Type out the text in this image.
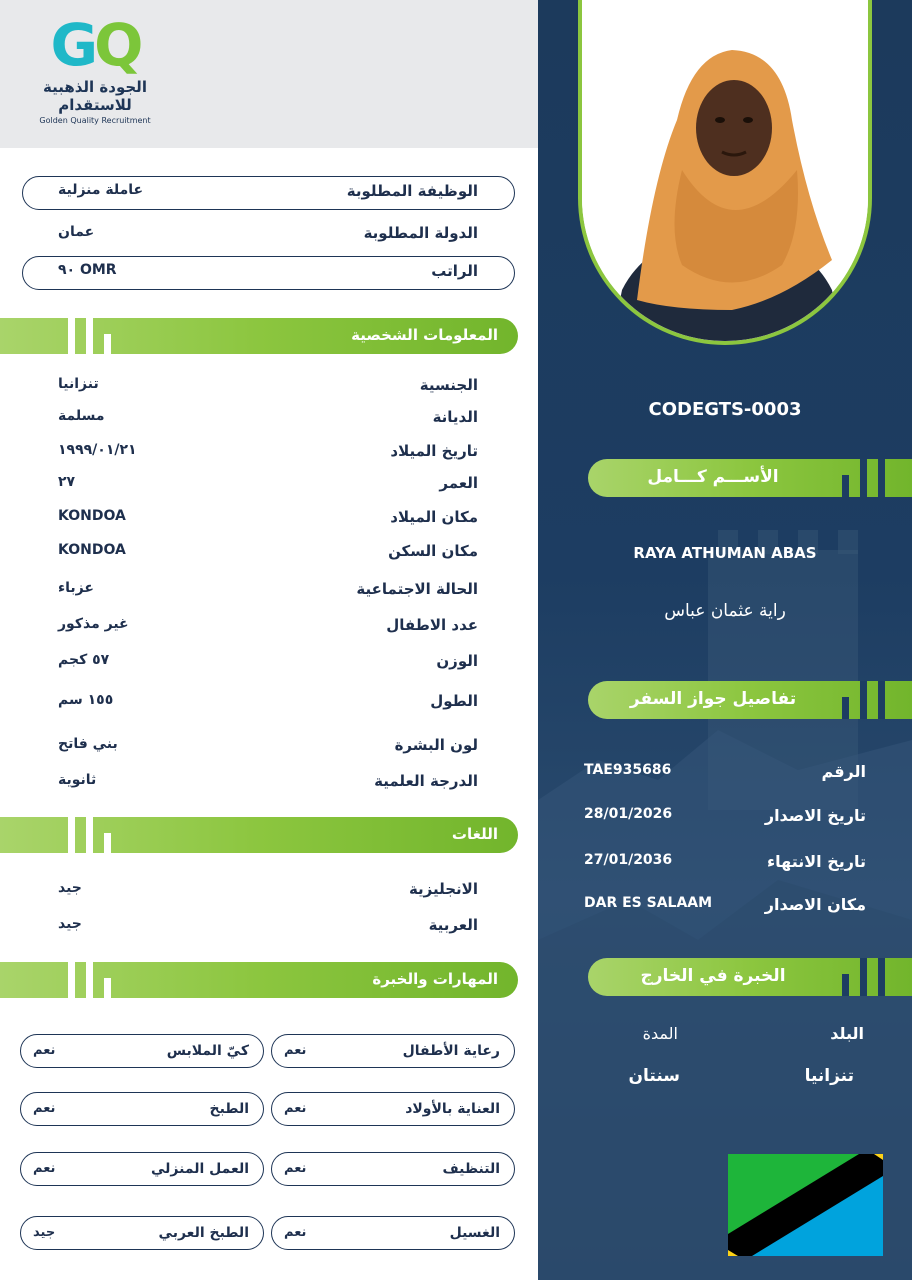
GQ
الجودة الذهبية للاستقدام
Golden Quality Recruitment
الوظيفة المطلوبة
عاملة منزلية
الدولة المطلوبة
عمان
الراتب
OMR ٩٠
المعلومات الشخصية
الجنسية
تنزانيا
الديانة
مسلمة
تاريخ الميلاد
١٩٩٩/٠١/٢١
العمر
٢٧
مكان الميلاد
KONDOA
مكان السكن
KONDOA
الحالة الاجتماعية
عزباء
عدد الاطفال
غير مذكور
الوزن
٥٧ كجم
الطول
١٥٥ سم
لون البشرة
بني فاتح
الدرجة العلمية
ثانوية
اللغات
الانجليزية
جيد
العربية
جيد
المهارات والخبرة
رعاية الأطفال
نعم
كيّ الملابس
نعم
العناية بالأولاد
نعم
الطبخ
نعم
التنظيف
نعم
العمل المنزلي
نعم
الغسيل
نعم
الطبخ العربي
جيد
CODEGTS-0003
الأســـم كـــامل
RAYA ATHUMAN ABAS
راية عثمان عباس
تفاصيل جواز السفر
الرقم
TAE935686
تاريخ الاصدار
28/01/2026
تاريخ الانتهاء
27/01/2036
مكان الاصدار
DAR ES SALAAM
الخبرة في الخارج
البلد
المدة
تنزانيا
سنتان
